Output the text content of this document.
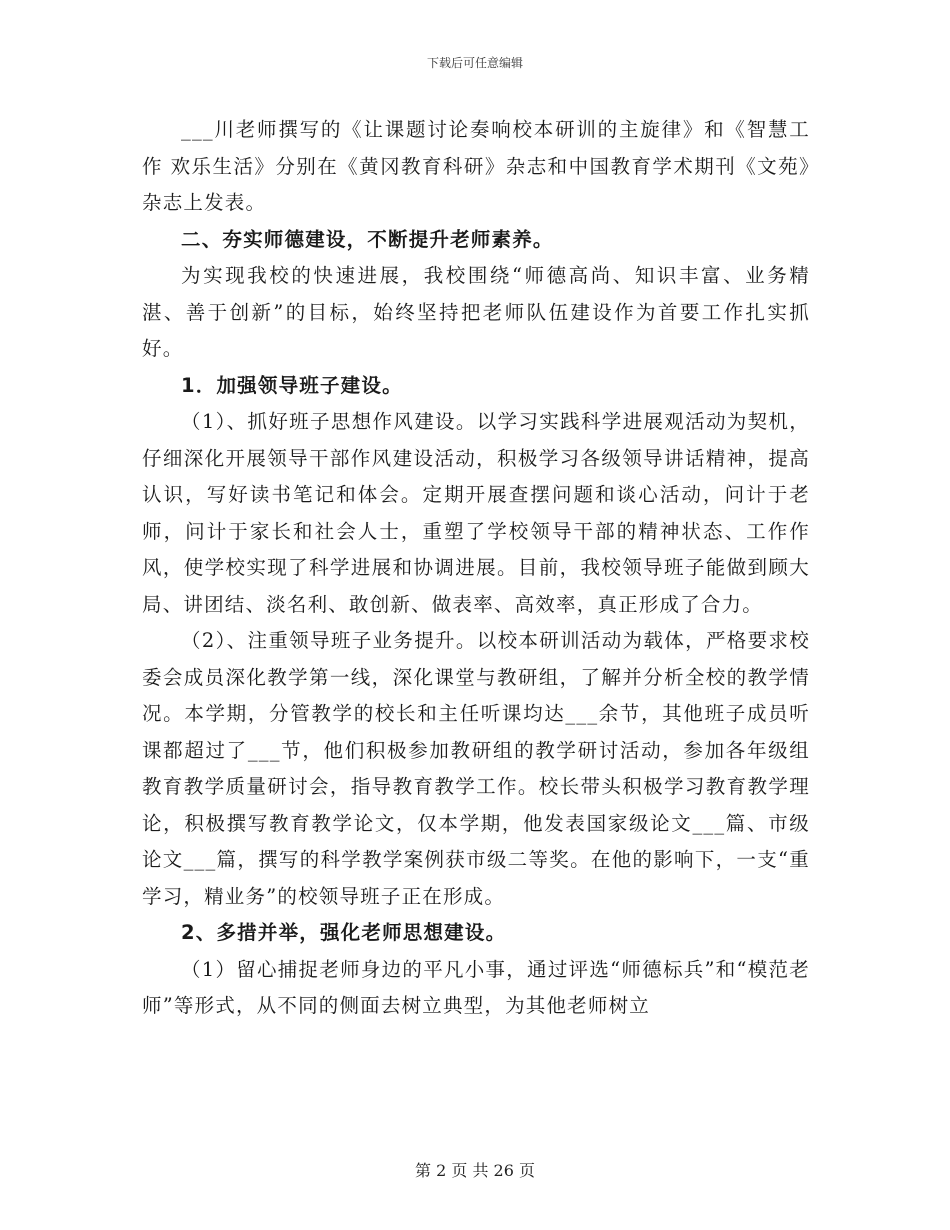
下载后可任意编辑

___川老师撰写的《让课题讨论奏响校本研训的主旋律》和《智慧工作 欢乐生活》分别在《黄冈教育科研》杂志和中国教育学术期刊《文苑》杂志上发表。

二、夯实师德建设，不断提升老师素养。

为实现我校的快速进展，我校围绕“师德高尚、知识丰富、业务精湛、善于创新”的目标，始终坚持把老师队伍建设作为首要工作扎实抓好。

1．加强领导班子建设。

（1）、抓好班子思想作风建设。以学习实践科学进展观活动为契机，仔细深化开展领导干部作风建设活动，积极学习各级领导讲话精神，提高认识，写好读书笔记和体会。定期开展查摆问题和谈心活动，问计于老师，问计于家长和社会人士，重塑了学校领导干部的精神状态、工作作风，使学校实现了科学进展和协调进展。目前，我校领导班子能做到顾大局、讲团结、淡名利、敢创新、做表率、高效率，真正形成了合力。

（2）、注重领导班子业务提升。以校本研训活动为载体，严格要求校委会成员深化教学第一线，深化课堂与教研组，了解并分析全校的教学情况。本学期，分管教学的校长和主任听课均达___余节，其他班子成员听课都超过了___节，他们积极参加教研组的教学研讨活动，参加各年级组教育教学质量研讨会，指导教育教学工作。校长带头积极学习教育教学理论，积极撰写教育教学论文，仅本学期，他发表国家级论文___篇、市级论文___篇，撰写的科学教学案例获市级二等奖。在他的影响下，一支“重学习，精业务”的校领导班子正在形成。

2、多措并举，强化老师思想建设。

（1）留心捕捉老师身边的平凡小事，通过评选“师德标兵”和“模范老师”等形式，从不同的侧面去树立典型，为其他老师树立

第 2 页 共 26 页
